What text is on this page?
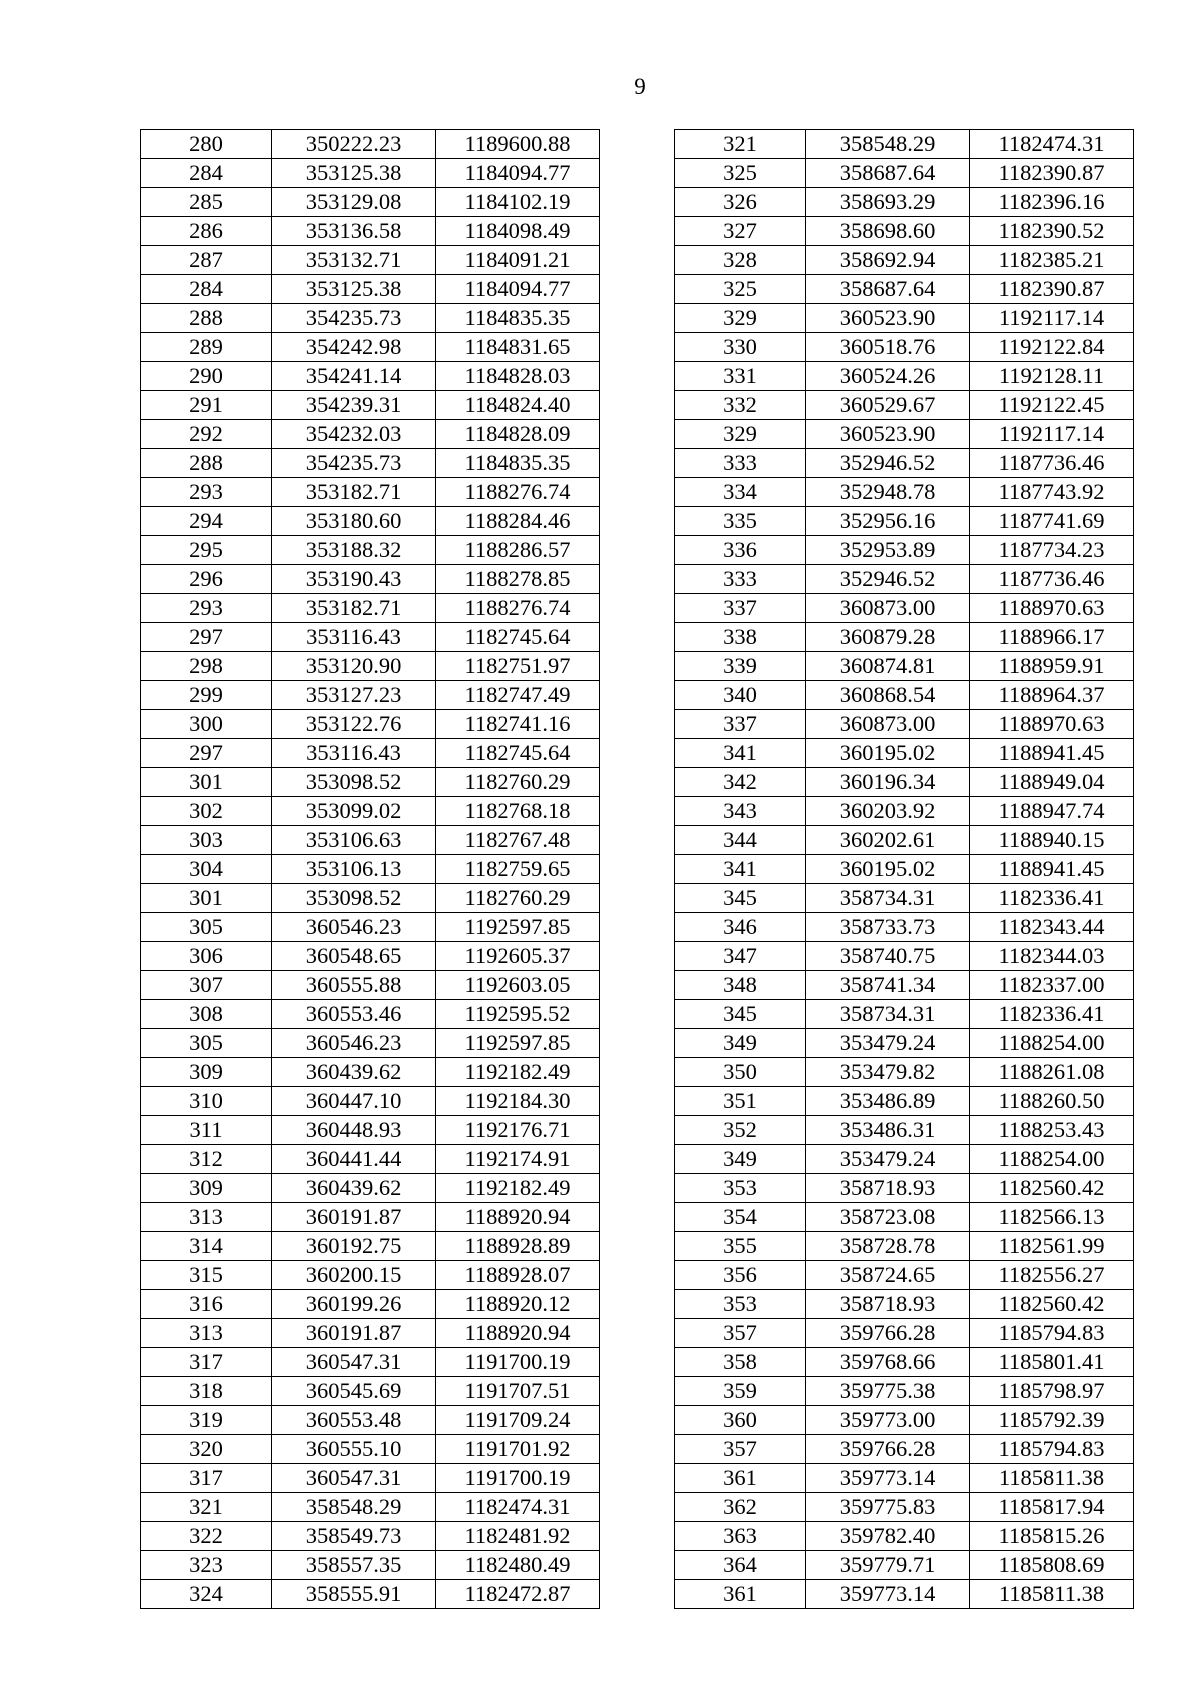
9
280	350222.23	1189600.88
284	353125.38	1184094.77
285	353129.08	1184102.19
286	353136.58	1184098.49
287	353132.71	1184091.21
284	353125.38	1184094.77
288	354235.73	1184835.35
289	354242.98	1184831.65
290	354241.14	1184828.03
291	354239.31	1184824.40
292	354232.03	1184828.09
288	354235.73	1184835.35
293	353182.71	1188276.74
294	353180.60	1188284.46
295	353188.32	1188286.57
296	353190.43	1188278.85
293	353182.71	1188276.74
297	353116.43	1182745.64
298	353120.90	1182751.97
299	353127.23	1182747.49
300	353122.76	1182741.16
297	353116.43	1182745.64
301	353098.52	1182760.29
302	353099.02	1182768.18
303	353106.63	1182767.48
304	353106.13	1182759.65
301	353098.52	1182760.29
305	360546.23	1192597.85
306	360548.65	1192605.37
307	360555.88	1192603.05
308	360553.46	1192595.52
305	360546.23	1192597.85
309	360439.62	1192182.49
310	360447.10	1192184.30
311	360448.93	1192176.71
312	360441.44	1192174.91
309	360439.62	1192182.49
313	360191.87	1188920.94
314	360192.75	1188928.89
315	360200.15	1188928.07
316	360199.26	1188920.12
313	360191.87	1188920.94
317	360547.31	1191700.19
318	360545.69	1191707.51
319	360553.48	1191709.24
320	360555.10	1191701.92
317	360547.31	1191700.19
321	358548.29	1182474.31
322	358549.73	1182481.92
323	358557.35	1182480.49
324	358555.91	1182472.87
321	358548.29	1182474.31
325	358687.64	1182390.87
326	358693.29	1182396.16
327	358698.60	1182390.52
328	358692.94	1182385.21
325	358687.64	1182390.87
329	360523.90	1192117.14
330	360518.76	1192122.84
331	360524.26	1192128.11
332	360529.67	1192122.45
329	360523.90	1192117.14
333	352946.52	1187736.46
334	352948.78	1187743.92
335	352956.16	1187741.69
336	352953.89	1187734.23
333	352946.52	1187736.46
337	360873.00	1188970.63
338	360879.28	1188966.17
339	360874.81	1188959.91
340	360868.54	1188964.37
337	360873.00	1188970.63
341	360195.02	1188941.45
342	360196.34	1188949.04
343	360203.92	1188947.74
344	360202.61	1188940.15
341	360195.02	1188941.45
345	358734.31	1182336.41
346	358733.73	1182343.44
347	358740.75	1182344.03
348	358741.34	1182337.00
345	358734.31	1182336.41
349	353479.24	1188254.00
350	353479.82	1188261.08
351	353486.89	1188260.50
352	353486.31	1188253.43
349	353479.24	1188254.00
353	358718.93	1182560.42
354	358723.08	1182566.13
355	358728.78	1182561.99
356	358724.65	1182556.27
353	358718.93	1182560.42
357	359766.28	1185794.83
358	359768.66	1185801.41
359	359775.38	1185798.97
360	359773.00	1185792.39
357	359766.28	1185794.83
361	359773.14	1185811.38
362	359775.83	1185817.94
363	359782.40	1185815.26
364	359779.71	1185808.69
361	359773.14	1185811.38
